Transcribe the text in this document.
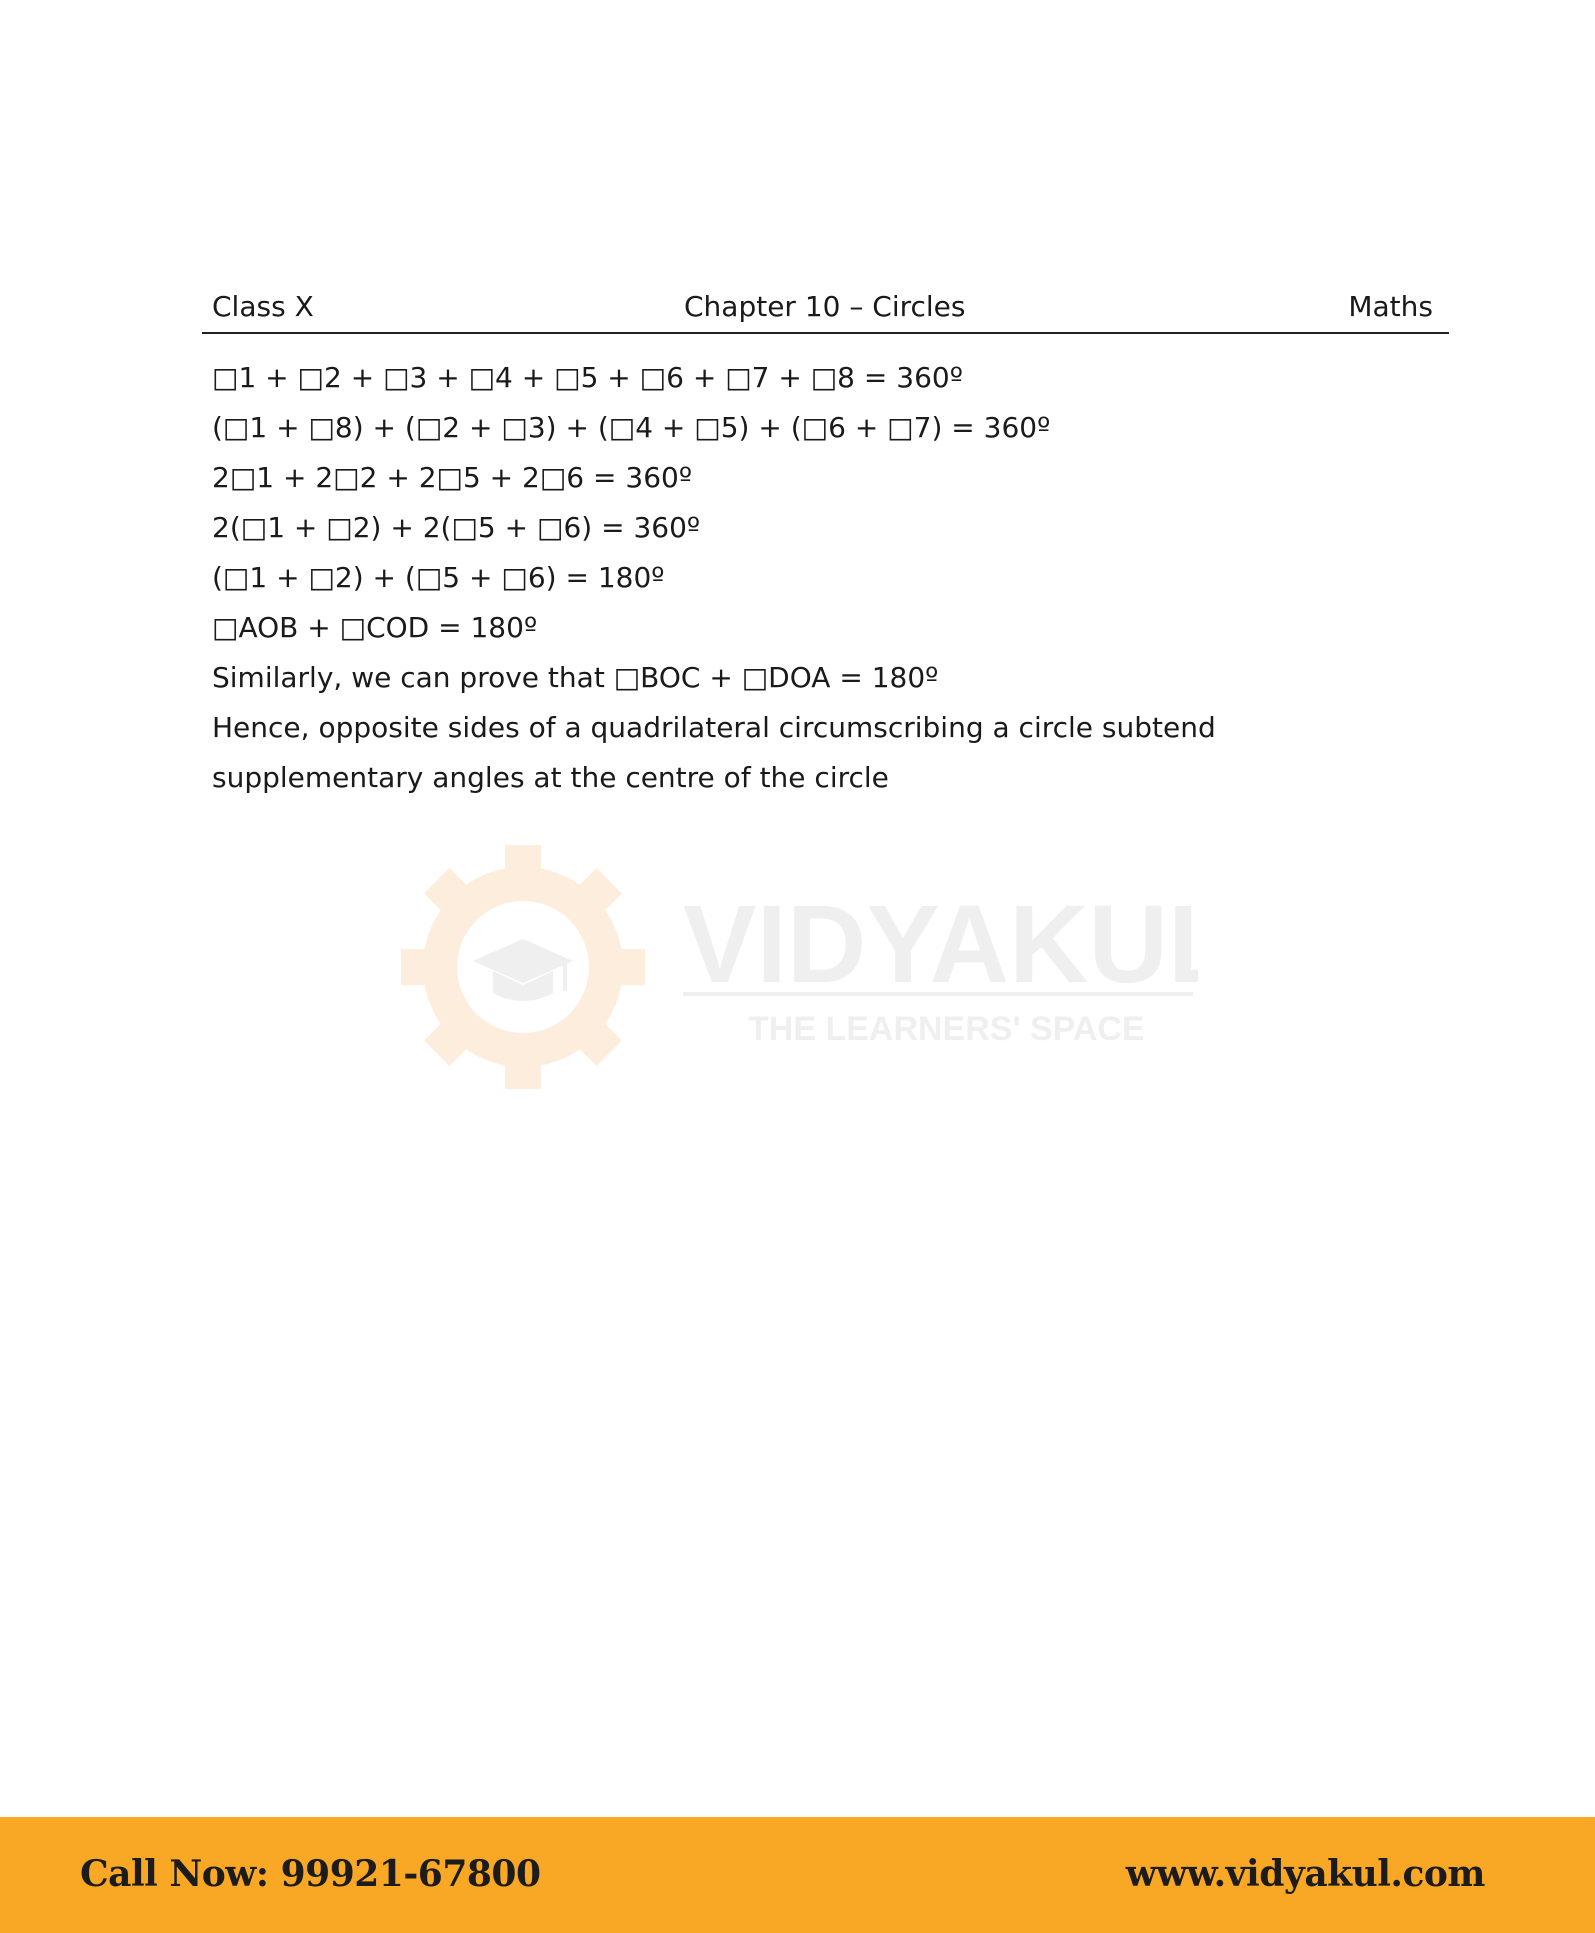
Class X	Chapter 10 – Circles	Maths
□1 + □2 + □3 + □4 + □5 + □6 + □7 + □8 = 360º
(□1 + □8) + (□2 + □3) + (□4 + □5) + (□6 + □7) = 360º
2□1 + 2□2 + 2□5 + 2□6 = 360º
2(□1 + □2) + 2(□5 + □6) = 360º
(□1 + □2) + (□5 + □6) = 180º
□AOB + □COD = 180º
Similarly, we can prove that □BOC + □DOA = 180º
Hence, opposite sides of a quadrilateral circumscribing a circle subtend
supplementary angles at the centre of the circle
VIDYAKUL
THE LEARNERS' SPACE
Call Now: 99921-67800	www.vidyakul.com
